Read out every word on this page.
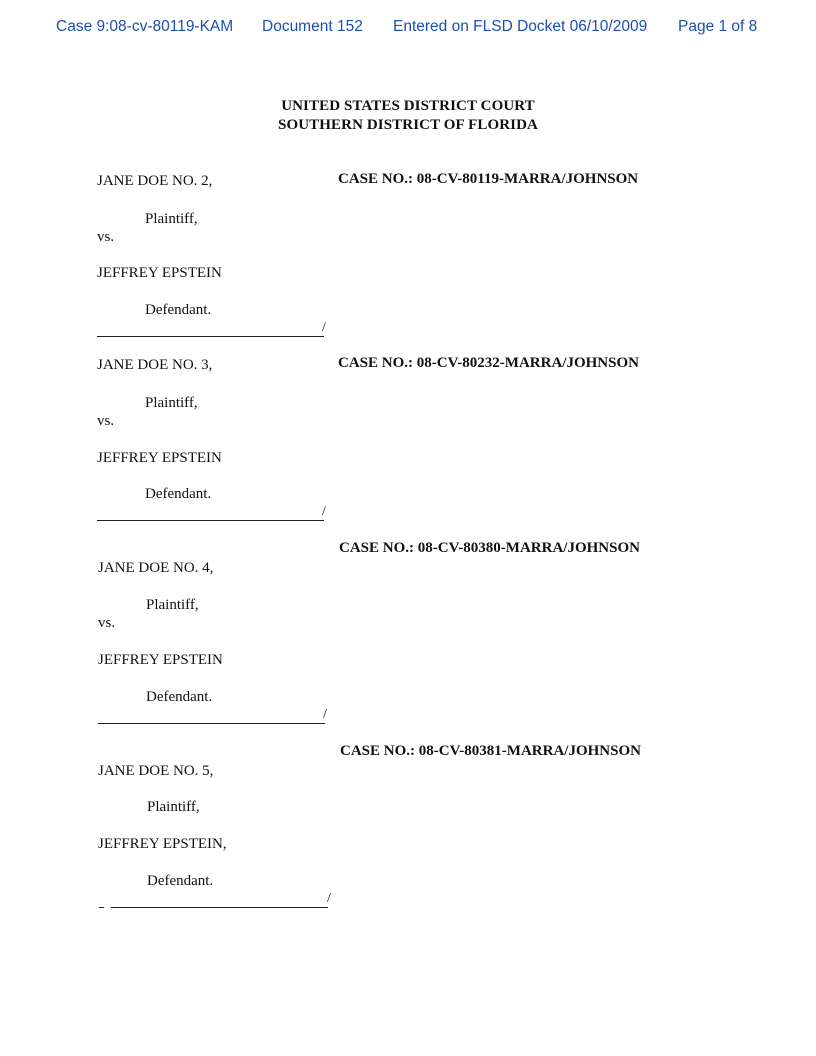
Case 9:08-cv-80119-KAM Document 152 Entered on FLSD Docket 06/10/2009 Page 1 of 8
UNITED STATES DISTRICT COURT
SOUTHERN DISTRICT OF FLORIDA
JANE DOE NO. 2,	CASE NO.: 08-CV-80119-MARRA/JOHNSON
Plaintiff,
vs.
JEFFREY EPSTEIN
Defendant.
/
JANE DOE NO. 3,	CASE NO.: 08-CV-80232-MARRA/JOHNSON
Plaintiff,
vs.
JEFFREY EPSTEIN
Defendant.
/
CASE NO.: 08-CV-80380-MARRA/JOHNSON
JANE DOE NO. 4,
Plaintiff,
vs.
JEFFREY EPSTEIN
Defendant.
/
CASE NO.: 08-CV-80381-MARRA/JOHNSON
JANE DOE NO. 5,
Plaintiff,
JEFFREY EPSTEIN,
Defendant.
/
